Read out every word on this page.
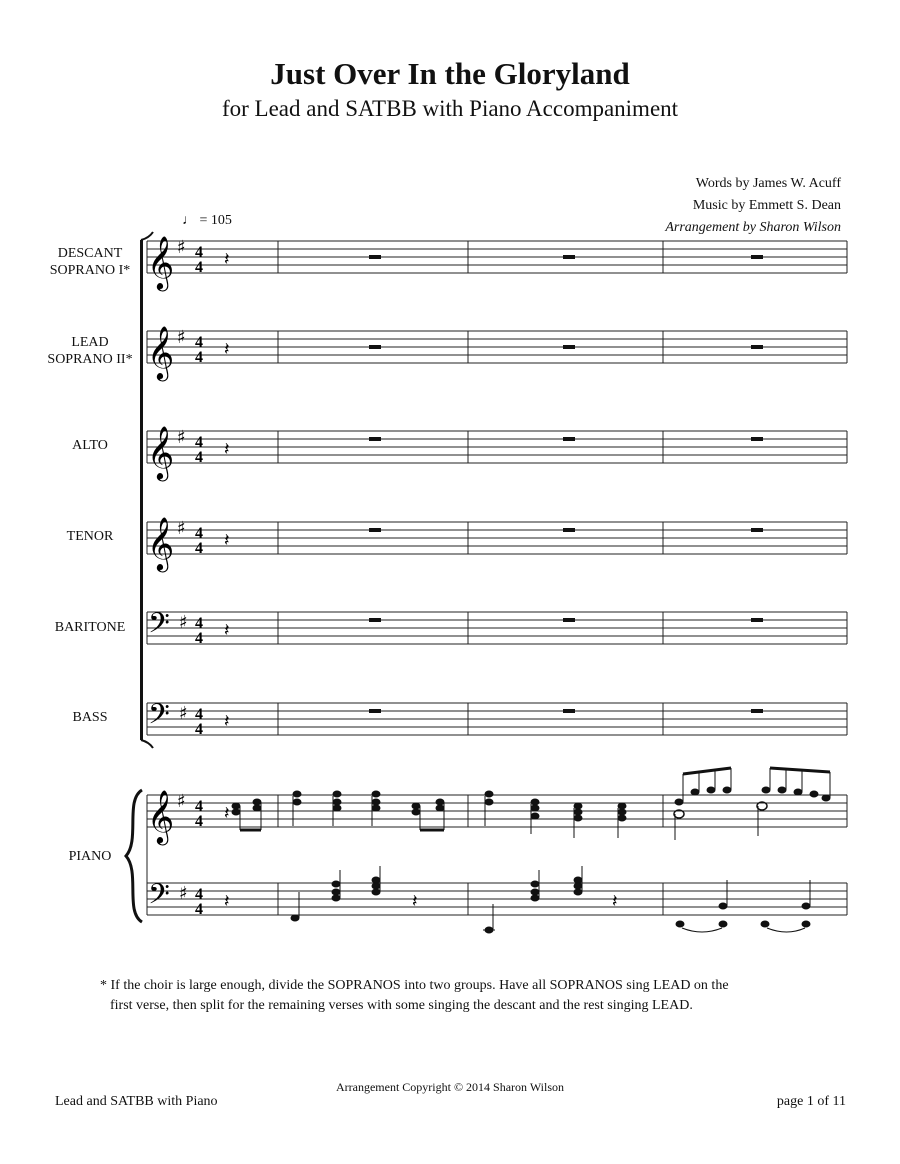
Just Over In the Gloryland
for Lead and SATBB with Piano Accompaniment
Words by James W. Acuff
Music by Emmett S. Dean
Arrangement by Sharon Wilson
♩ = 105
DESCANT
SOPRANO I*
LEAD
SOPRANO II*
ALTO
TENOR
BARITONE
BASS
PIANO
𝄞 ♯ 4
4 𝄽
𝄞 ♯ 4
4 𝄽
𝄞 ♯ 4
4 𝄽
𝄞 ♯ 4
4 𝄽
𝄢 ♯ 4
4 𝄽
𝄢 ♯ 4
4 𝄽
𝄞 ♯ 4
4 𝄽
𝄢 ♯ 4
4 𝄽	𝄽	𝄽
* If the choir is large enough, divide the SOPRANOS into two groups. Have all SOPRANOS sing LEAD on the
first verse, then split for the remaining verses with some singing the descant and the rest singing LEAD.
Arrangement Copyright © 2014 Sharon Wilson
Lead and SATBB with Piano	page 1 of 11
